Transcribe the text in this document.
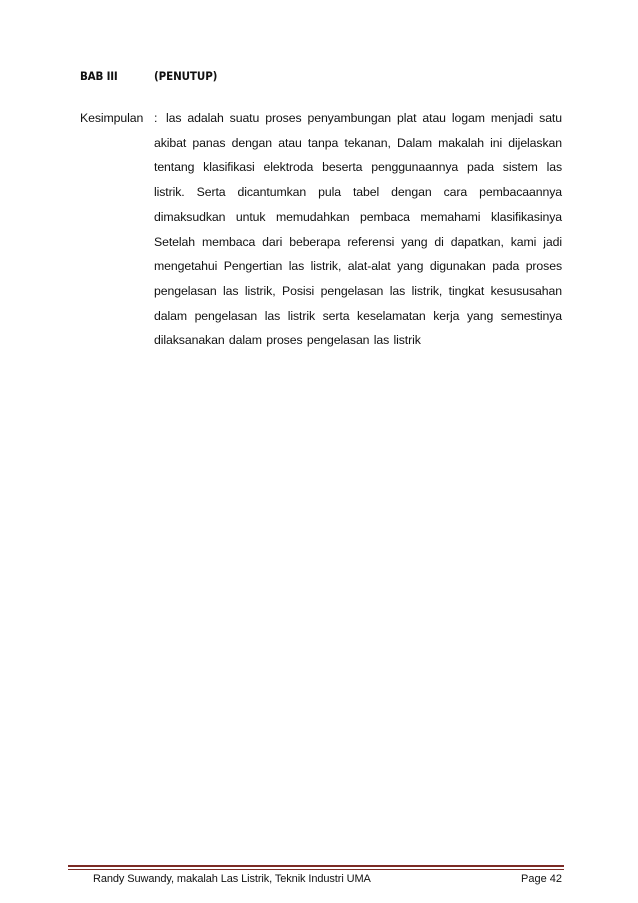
BAB III	(PENUTUP)
Kesimpulan : las adalah suatu proses penyambungan plat atau logam menjadi satu akibat panas dengan atau tanpa tekanan, Dalam makalah ini dijelaskan tentang klasifikasi elektroda beserta penggunaannya pada sistem las listrik. Serta dicantumkan pula tabel dengan cara pembacaannya dimaksudkan untuk memudahkan pembaca memahami klasifikasinya Setelah membaca dari beberapa referensi yang di dapatkan, kami jadi mengetahui Pengertian las listrik, alat-alat yang digunakan pada proses pengelasan las listrik, Posisi pengelasan las listrik, tingkat kesususahan dalam pengelasan las listrik serta keselamatan kerja yang semestinya dilaksanakan dalam proses pengelasan las listrik

Randy Suwandy, makalah Las Listrik, Teknik Industri UMA	Page 42
